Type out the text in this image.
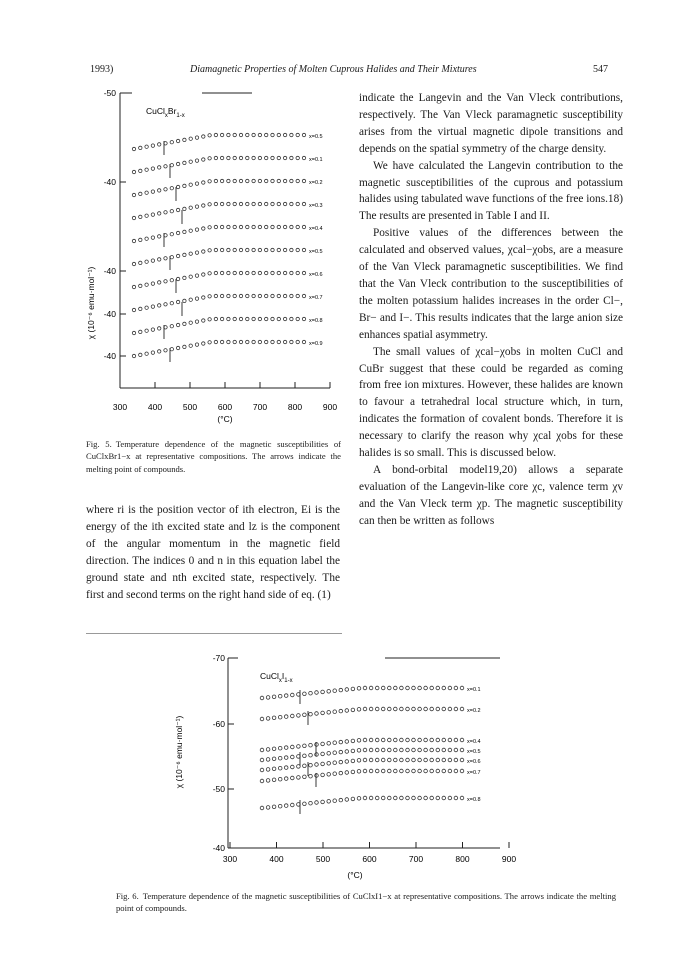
1993)	Diamagnetic Properties of Molten Cuprous Halides and Their Mixtures	547
$CuCl_xBr_{1-x}$
χ (10⁻⁶ emu·mol⁻¹)
-50
-40
-40
-40
-40
300 400 500 600 700 800 900
x=0.5
x=0.1
x=0.2
x=0.3
x=0.4
x=0.5
x=0.6
x=0.7
x=0.8
x=0.9
(°C)
Fig. 5. Temperature dependence of the magnetic susceptibilities of CuClxBr1−x at representative compositions. The arrows indicate the melting point of compounds.

indicate the Langevin and the Van Vleck contributions, respectively. The Van Vleck paramagnetic susceptibility arises from the virtual magnetic dipole transitions and depends on the spatial symmetry of the charge density.

We have calculated the Langevin contribution to the magnetic susceptibilities of the cuprous and potassium halides using tabulated wave functions of the free ions.18) The results are presented in Table I and II.

Positive values of the differences between the calculated and observed values, χcal−χobs, are a measure of the Van Vleck paramagnetic susceptibilities. We find that the Van Vleck contribution to the susceptibilities of the molten potassium halides increases in the order Cl−, Br− and I−. This results indicates that the large anion size enhances spatial asymmetry.

The small values of χcal−χobs in molten CuCl and CuBr suggest that these could be regarded as coming from free ion mixtures. However, these halides are known to favour a tetrahedral local structure which, in turn, indicates the formation of covalent bonds. Therefore it is necessary to clarify the reason why χcal χobs for these halides is so small. This is discussed below.

A bond-orbital model19,20) allows a separate evaluation of the Langevin-like core χc, valence term χv and the Van Vleck term χp. The magnetic susceptibility can then be written as follows

where ri is the position vector of ith electron, Ei is the energy of the ith excited state and lz is the component of the angular momentum in the magnetic field direction. The indices 0 and n in this equation label the ground state and nth excited state, respectively. The first and second terms on the right hand side of eq. (1)

$CuCl_xI_{1-x}$
χ (10⁻⁶ emu·mol⁻¹)
-70
-60
-50
-40
300	400	500	600	700	800	900
x=0.1
x=0.2
x=0.4
x=0.5
x=0.6
x=0.7
x=0.8
(°C)
Fig. 6. Temperature dependence of the magnetic susceptibilities of CuClxI1−x at representative compositions. The arrows indicate the melting point of compounds.
